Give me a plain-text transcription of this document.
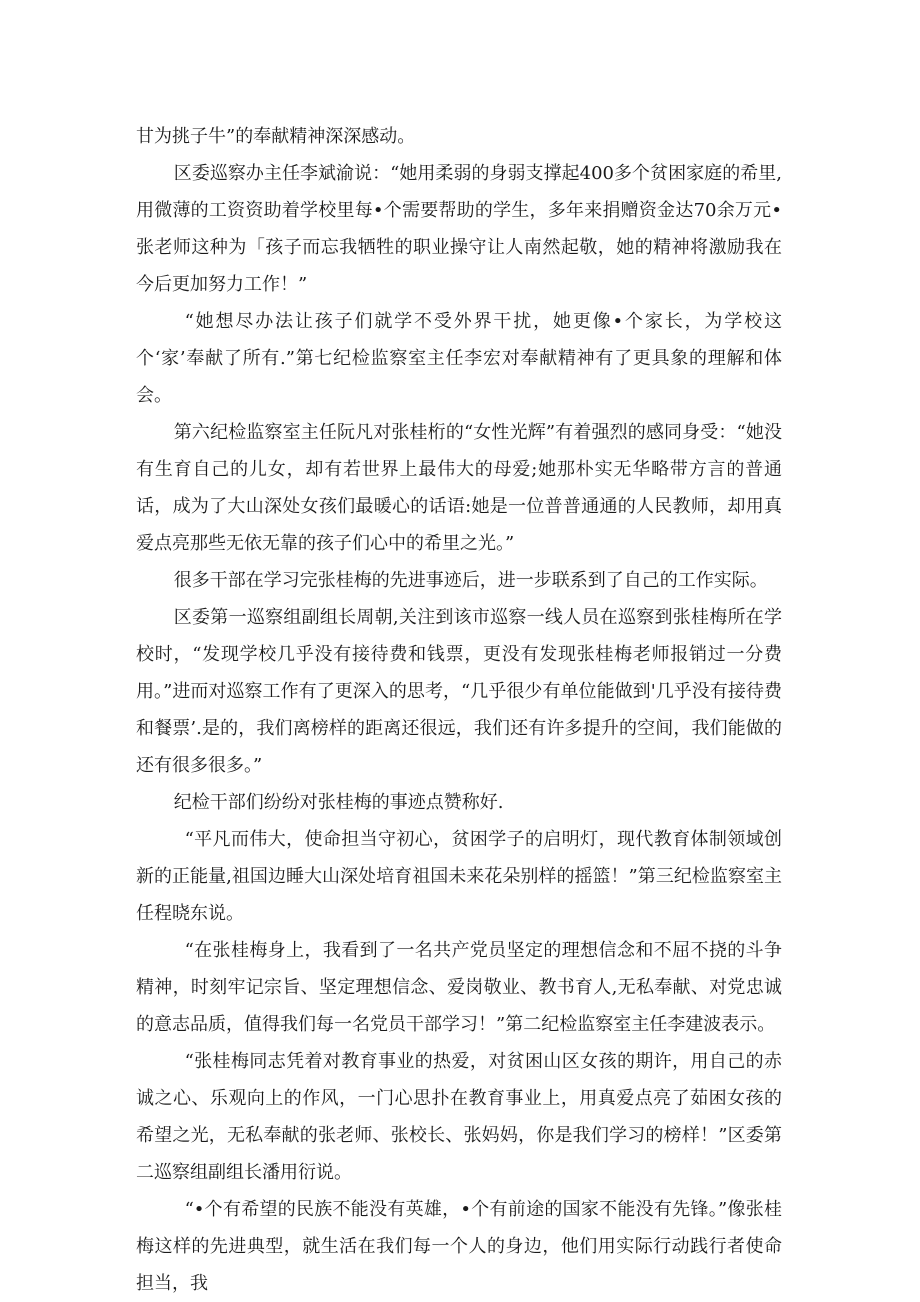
甘为挑子牛”的奉献精神深深感动。

区委巡察办主任李斌渝说：“她用柔弱的身弱支撑起400多个贫困家庭的希里,用微薄的工资资助着学校里每•个需要帮助的学生，多年来捐赠资金达70余万元•张老师这种为「孩子而忘我牺牲的职业操守让人南然起敬，她的精神将激励我在今后更加努力工作！”

“她想尽办法让孩子们就学不受外界干扰，她更像•个家长，为学校这个‘家’奉献了所有.”第七纪检监察室主任李宏对奉献精神有了更具象的理解和体会。

第六纪检监察室主任阮凡对张桂桁的“女性光辉”有着强烈的感同身受：“她没有生育自己的儿女，却有若世界上最伟大的母爱;她那朴实无华略带方言的普通话，成为了大山深处女孩们最暖心的话语:她是一位普普通通的人民教师，却用真爱点亮那些无依无靠的孩子们心中的希里之光。”

很多干部在学习完张桂梅的先进事迹后，进一步联系到了自己的工作实际。

区委第一巡察组副组长周朝,关注到该市巡察一线人员在巡察到张桂梅所在学校时，“发现学校几乎没有接待费和钱票，更没有发现张桂梅老师报销过一分费用。”进而对巡察工作有了更深入的思考，“几乎很少有单位能做到'几乎没有接待费和餐票’.是的，我们离榜样的距离还很远，我们还有许多提升的空间，我们能做的还有很多很多。”

纪检干部们纷纷对张桂梅的事迹点赞称好.

“平凡而伟大，使命担当守初心，贫困学子的启明灯，现代教育体制领域创新的正能量,祖国边睡大山深处培育祖国未来花朵别样的摇篮！”第三纪检监察室主任程晓东说。

“在张桂梅身上，我看到了一名共产党员坚定的理想信念和不屈不挠的斗争精神，时刻牢记宗旨、坚定理想信念、爱岗敬业、教书育人,无私奉献、对党忠诚的意志品质，值得我们每一名党员干部学习！”第二纪检监察室主任李建波表示。

“张桂梅同志凭着对教育事业的热爱，对贫困山区女孩的期许，用自己的赤诚之心、乐观向上的作风，一门心思扑在教育事业上，用真爱点亮了茹困女孩的希望之光，无私奉献的张老师、张校长、张妈妈，你是我们学习的榜样！”区委第二巡察组副组长潘用衍说。

“•个有希望的民族不能没有英雄，•个有前途的国家不能没有先锋。”像张桂梅这样的先进典型，就生活在我们每一个人的身边，他们用实际行动践行者使命担当，我
